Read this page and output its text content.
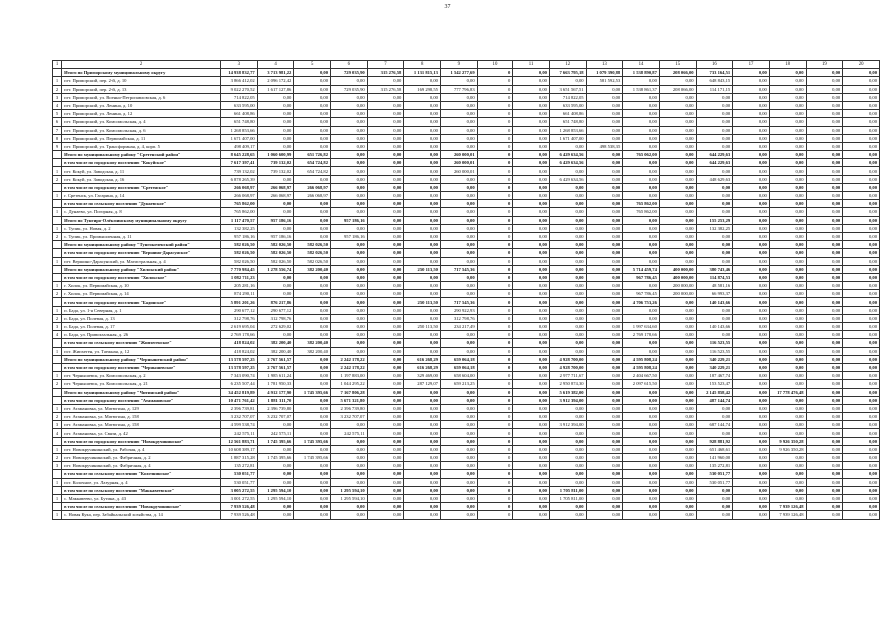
37
1	2	3	4	5	6	7	8	9	10	11	12	13	14	15	16	17	18	19	20
	Итого по Приморскому муниципальному округу	14 938 832,77	3 713 981,22	0,00	729 035,90	315 276,58	1 131 815,13	1 542 277,69	0	0,00	7 663 795,18	1 079 390,88	1 538 890,87	208 066,00	733 164,51	0,00	0,00	0,00	0,00
1	пгт. Приморский, пер. 2-й, д. 10	3 866 412,02	2 096 172,42	0,00	0,00	0,00	0,00	0,00	0	0,00	0,00	581 592,53	0,00	0,00	648 843,15	0,00	0,00	0,00	0,00
2	пгт. Приморский, пер. 2-й, д. 13	9 022 270,52	1 617 127,86	0,00	729 035,90	315 276,58	169 298,55	777 796,83	0	0,00	3 651 567,51	0,00	1 538 861,37	208 066,00	114 171,15	0,00	0,00	0,00	0,00
3	пгт. Приморский, ул. Военно-Петропавловская, д. 6	714 822,05	0,00	0,00	0,00	0,00	0,00	0,00	0	0,00	714 822,05	0,00	0,00	0,00	0,00	0,00	0,00	0,00	0,00
4	пгт. Приморский, ул. Ленина, д. 10	633 595,00	0,00	0,00	0,00	0,00	0,00	0,00	0	0,00	633 595,00	0,00	0,00	0,00	0,00	0,00	0,00	0,00	0,00
5	пгт. Приморский, ул. Ленина, д. 12	661 408,86	0,00	0,00	0,00	0,00	0,00	0,00	0	0,00	661 408,86	0,00	0,00	0,00	0,00	0,00	0,00	0,00	0,00
6	пгт. Приморский, ул. Комсомольская, д. 4	651 748,80	0,00	0,00	0,00	0,00	0,00	0,00	0	0,00	651 748,80	0,00	0,00	0,00	0,00	0,00	0,00	0,00	0,00
7	пгт. Приморский, ул. Комсомольская, д. 6	1 268 853,66	0,00	0,00	0,00	0,00	0,00	0,00	0	0,00	1 268 853,66	0,00	0,00	0,00	0,00	0,00	0,00	0,00	0,00
8	пгт. Приморский, ул. Первомайская, д. 11	1 671 407,00	0,00	0,00	0,00	0,00	0,00	0,00	0	0,00	1 671 407,00	0,00	0,00	0,00	0,00	0,00	0,00	0,00	0,00
9	пгт. Приморский, ул. Трансформная, д. 4, корп. 5	498 409,17	0,00	0,00	0,00	0,00	0,00	0,00	0	0,00	0,00	498 538,35	0,00	0,00	0,00	0,00	0,00	0,00	0,00
	Итого по муниципальному району "Сретенский район"	8 645 228,65	1 060 600,99	651 726,82	0,00	0,00	0,00	260 000,01	0	0,00	6 429 634,56	0,00	765 062,00	0,00	644 229,63	0,00	0,00	0,00	0,00
	в том числе по городскому поселению "Кокуйское"	7 617 397,41	739 132,02	654 724,82	0,00	0,00	0,00	260 000,01	0	0,00	6 429 634,56	0,00	0,00	0,00	644 229,63	0,00	0,00	0,00	0,00
1	пгт. Кокуй, ул. Заводская, д. 11	739 132,02	739 132,02	654 724,82	0,00	0,00	0,00	260 000,01	0	0,00	0,00	0,00	0,00	0,00	0,00	0,00	0,00	0,00	0,00
2	пгт. Кокуй, ул. Заводская, д. 16	6 878 265,39	0,00	0,00	0,00	0,00	0,00	0,00	0	0,00	6 429 634,56	0,00	0,00	0,00	448 629,63	0,00	0,00	0,00	0,00
	в том числе по городскому поселению "Сретенское"	266 068,97	266 068,97	266 068,97	0,00	0,00	0,00	0,00	0	0,00	0,00	0,00	0,00	0,00	0,00	0,00	0,00	0,00	0,00
1	г. Сретенск, ул. Гагарина, д. 14	266 068,97	266 068,97	266 068,97	0,00	0,00	0,00	0,00	0	0,00	0,00	0,00	0,00	0,00	0,00	0,00	0,00	0,00	0,00
	в том числе по сельскому поселению "Дунаевское"	765 862,00	0,00	0,00	0,00	0,00	0,00	0,00	0	0,00	0,00	0,00	765 862,00	0,00	0,00	0,00	0,00	0,00	0,00
1	с. Дунаево, ул. Погорная, д. 8	765 862,00	0,00	0,00	0,00	0,00	0,00	0,00	0	0,00	0,00	0,00	765 862,00	0,00	0,00	0,00	0,00	0,00	0,00
	Итого по Тунгиро-Олёкминскому муниципальному округу	1 117 470,57	957 186,16	0,00	957 186,16	0,00	0,00	0,00	0	0,00	0,00	0,00	0,00	0,00	155 253,29	0,00	0,00	0,00	0,00
1	с. Тупик, ул. Новая, д. 2	132 382,25	0,00	0,00	0,00	0,00	0,00	0,00	0	0,00	0,00	0,00	0,00	0,00	132 382,25	0,00	0,00	0,00	0,00
2	с. Тупик, ул. Промышленная, д. 11	957 186,16	957 186,16	0,00	957 186,16	0,00	0,00	0,00	0	0,00	0,00	0,00	0,00	0,00	0,00	0,00	0,00	0,00	0,00
	Итого по муниципальному району "Тунгокоченский район"	582 026,50	582 026,50	582 026,50	0,00	0,00	0,00	0,00	0	0,00	0,00	0,00	0,00	0,00	0,00	0,00	0,00	0,00	0,00
	в том числе по городскому поселению "Вершино-Дарасунское"	582 026,50	582 026,50	582 026,50	0,00	0,00	0,00	0,00	0	0,00	0,00	0,00	0,00	0,00	0,00	0,00	0,00	0,00	0,00
1	пгт. Вершино-Дарасунский, ул. Магистральная, д. 4	582 026,50	582 026,50	582 026,50	0,00	0,00	0,00	0,00	0	0,00	0,00	0,00	0,00	0,00	0,00	0,00	0,00	0,00	0,00
	Итого по муниципальному району "Хилокский район"	7 770 984,45	1 278 556,74	382 200,40	0,00	0,00	250 113,50	717 545,36	0	0,00	0,00	0,00	5 714 459,74	400 000,00	380 743,46	0,00	0,00	0,00	0,00
	в том числе по городскому поселению "Хилокское"	1 082 711,23	0,00	0,00	0,00	0,00	0,00	0,00	0	0,00	0,00	0,00	967 786,45	400 000,00	114 874,53	0,00	0,00	0,00	0,00
1	г. Хилок, ул. Первомайская, д. 10	205 281,16	0,00	0,00	0,00	0,00	0,00	0,00	0	0,00	0,00	0,00	0,00	200 000,00	48 581,16	0,00	0,00	0,00	0,00
2	г. Хилок, ул. Первомайская, д. 14	874 290,11	0,00	0,00	0,00	0,00	0,00	0,00	0	0,00	0,00	0,00	967 786,45	200 000,00	66 993,37	0,00	0,00	0,00	0,00
	в том числе по городскому поселению "Бадинское"	5 891 201,26	876 217,86	0,00	0,00	0,00	250 113,50	717 545,36	0	0,00	0,00	0,00	4 706 753,26	0,00	140 143,66	0,00	0,00	0,00	0,00
1	п. Бада, ул. 1-я Северная, д. 1	290 677,12	290 677,12	0,00	0,00	0,00	0,00	290 922,93	0	0,00	0,00	0,00	0,00	0,00	0,00	0,00	0,00	0,00	0,00
2	п. Бада, ул. Полевая, д. 13	312 798,76	312 798,76	0,00	0,00	0,00	0,00	312 798,76	0	0,00	0,00	0,00	0,00	0,00	0,00	0,00	0,00	0,00	0,00
3	п. Бада, ул. Полевая, д. 17	2 619 695,04	272 629,02	0,00	0,00	0,00	250 113,50	234 217,49	0	0,00	0,00	0,00	1 997 634,60	0,00	140 143,66	0,00	0,00	0,00	0,00
4	п. Бада, ул. Привокзальная, д. 26	2 769 178,66	0,00	0,00	0,00	0,00	0,00	0,00	0	0,00	0,00	0,00	2 769 178,66	0,00	0,00	0,00	0,00	0,00	0,00
	в том числе по сельскому поселению "Жипхегенское"	418 824,02	382 200,40	382 200,40	0,00	0,00	0,00	0,00	0	0,00	0,00	0,00	0,00	0,00	116 523,55	0,00	0,00	0,00	0,00
1	пст. Жипхеген, ул. Таежная, д. 12	418 824,02	382 200,40	382 200,40	0,00	0,00	0,00	0,00	0	0,00	0,00	0,00	0,00	0,00	116 523,55	0,00	0,00	0,00	0,00
	Итого по муниципальному району "Чернышевский район"	13 578 597,25	2 767 561,57	0,00	2 242 178,22	0,00	616 268,29	659 064,18	0	0,00	4 928 700,00	0,00	4 595 808,24	0,00	340 229,21	0,00	0,00	0,00	0,00
	в том числе по городскому поселению "Чернышевское"	13 578 597,25	2 767 561,57	0,00	2 242 178,22	0,00	616 268,29	659 064,18	0	0,00	4 928 700,00	0,00	4 595 808,24	0,00	340 229,21	0,00	0,00	0,00	0,00
1	пгт. Чернышевск, ул. Комсомольская, д. 2	7 343 090,74	1 985 611,24	0,00	1 197 883,00	0,00	329 469,00	658 604,00	0	0,00	2 977 711,67	0,00	2 404 667,50	0,00	187 467,74	0,00	0,00	0,00	0,00
2	пгт. Чернышевск, ул. Комсомольская, д. 21	6 235 507,44	1 781 950,33	0,00	1 044 295,22	0,00	287 129,07	659 213,25	0	0,00	2 950 874,30	0,00	2 097 615,50	0,00	153 523,47	0,00	0,00	0,00	0,00
	Итого по муниципальному району "Читинский район"	34 452 819,89	4 912 177,90	1 745 395,66	7 167 806,28	0,00	0,00	0,00	0	0,00	5 619 382,00	0,00	0,00	0,00	2 145 858,42	0,00	17 778 476,48	0,00	0,00
	в том числе по городскому поселению "Атамановское"	10 471 761,42	1 881 311,70	0,00	5 671 321,80	0,00	0,00	0,00	0	0,00	3 912 394,00	0,00	0,00	0,00	487 144,74	0,00	0,00	0,00	0,00
1	пгт. Атамановка, ул. Матюгина, д. 129	2 396 739,81	2 396 739,80	0,00	2 396 739,80	0,00	0,00	0,00	0	0,00	0,00	0,00	0,00	0,00	0,00	0,00	0,00	0,00	0,00
2	пгт. Атамановка, ул. Матюгина, д. 158	3 232 707,07	3 232 707,07	0,00	3 232 707,07	0,00	0,00	0,00	0	0,00	0,00	0,00	0,00	0,00	0,00	0,00	0,00	0,00	0,00
3	пгт. Атамановка, ул. Матюгина, д. 158	4 599 538,74	0,00	0,00	0,00	0,00	0,00	0,00	0	0,00	3 912 394,00	0,00	0,00	0,00	687 144,74	0,00	0,00	0,00	0,00
4	пгт. Атамановка, ул. Связи, д. 42	242 575,11	242 575,11	0,00	242 575,11	0,00	0,00	0,00	0	0,00	0,00	0,00	0,00	0,00	0,00	0,00	0,00	0,00	0,00
	в том числе по городскому поселению "Новокручининское"	12 561 883,71	1 745 395,66	1 745 395,66	0,00	0,00	0,00	0,00	0	0,00	0,00	0,00	0,00	0,00	928 881,92	0,00	9 926 350,28	0,00	0,00
1	пгт. Новокручининский, ул. Рабочая, д. 4	10 608 389,17	0,00	0,00	0,00	0,00	0,00	0,00	0	0,00	0,00	0,00	0,00	0,00	651 468,61	0,00	9 926 350,28	0,00	0,00
2	пгт. Новокручининский, ул. Фабричная, д. 2	1 887 315,28	1 745 395,66	1 745 395,66	0,00	0,00	0,00	0,00	0	0,00	0,00	0,00	0,00	0,00	141 960,00	0,00	0,00	0,00	0,00
3	пгт. Новокручининский, ул. Фабричная, д. 4	135 272,81	0,00	0,00	0,00	0,00	0,00	0,00	0	0,00	0,00	0,00	0,00	0,00	135 272,81	0,00	0,00	0,00	0,00
	в том числе по сельскому поселению "Колочнинское"	530 051,77	0,00	0,00	0,00	0,00	0,00	0,00	0	0,00	0,00	0,00	0,00	0,00	530 051,77	0,00	0,00	0,00	0,00
1	пст. Колочное, ул. Лазурная, д. 4	530 051,77	0,00	0,00	0,00	0,00	0,00	0,00	0	0,00	0,00	0,00	0,00	0,00	530 051,77	0,00	0,00	0,00	0,00
	в том числе по сельскому поселению "Маккавеевское"	3 005 272,55	1 295 594,10	0,00	1 295 594,10	0,00	0,00	0,00	0	0,00	1 705 811,00	0,00	0,00	0,00	0,00	0,00	0,00	0,00	0,00
1	с. Маккавеево, ул. Бутина, д. 43	3 001 272,55	1 295 594,10	0,00	1 295 594,10	0,00	0,00	0,00	0	0,00	1 705 811,00	0,00	0,00	0,00	0,00	0,00	0,00	0,00	0,00
	в том числе по сельскому поселению "Новокручининское"	7 939 526,48	0,00	0,00	0,00	0,00	0,00	0,00	0	0,00	0,00	0,00	0,00	0,00	0,00	0,00	7 939 126,48	0,00	0,00
1	с. Новая Кука, пер. Забайкальский хозяйства, д. 14	7 939 526,48	0,00	0,00	0,00	0,00	0,00	0,00	0	0,00	0,00	0,00	0,00	0,00	0,00	0,00	7 939 126,48	0,00	0,00
